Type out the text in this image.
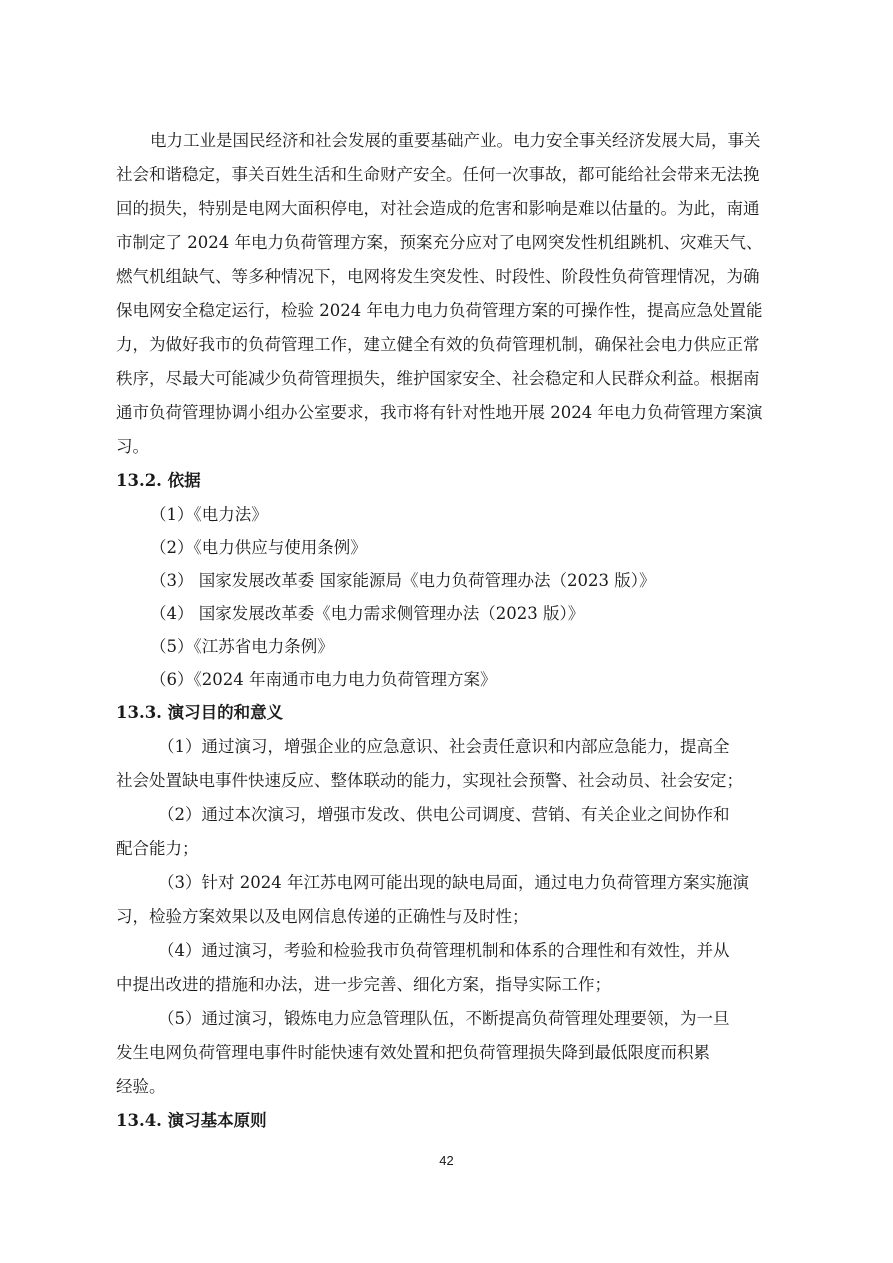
电力工业是国民经济和社会发展的重要基础产业。电力安全事关经济发展大局，事关
社会和谐稳定，事关百姓生活和生命财产安全。任何一次事故，都可能给社会带来无法挽
回的损失，特别是电网大面积停电，对社会造成的危害和影响是难以估量的。为此，南通
市制定了 2024 年电力负荷管理方案，预案充分应对了电网突发性机组跳机、灾难天气、
燃气机组缺气、等多种情况下，电网将发生突发性、时段性、阶段性负荷管理情况，为确
保电网安全稳定运行，检验 2024 年电力电力负荷管理方案的可操作性，提高应急处置能
力，为做好我市的负荷管理工作，建立健全有效的负荷管理机制，确保社会电力供应正常
秩序，尽最大可能减少负荷管理损失，维护国家安全、社会稳定和人民群众利益。根据南
通市负荷管理协调小组办公室要求，我市将有针对性地开展 2024 年电力负荷管理方案演
习。
13.2. 依据
（1）《电力法》
（2）《电力供应与使用条例》
（3） 国家发展改革委 国家能源局《电力负荷管理办法（2023 版）》
（4） 国家发展改革委《电力需求侧管理办法（2023 版）》
（5）《江苏省电力条例》
（6）《2024 年南通市电力电力负荷管理方案》
13.3. 演习目的和意义
（1）通过演习，增强企业的应急意识、社会责任意识和内部应急能力，提高全
社会处置缺电事件快速反应、整体联动的能力，实现社会预警、社会动员、社会安定；
（2）通过本次演习，增强市发改、供电公司调度、营销、有关企业之间协作和
配合能力；
（3）针对 2024 年江苏电网可能出现的缺电局面，通过电力负荷管理方案实施演
习，检验方案效果以及电网信息传递的正确性与及时性；
（4）通过演习，考验和检验我市负荷管理机制和体系的合理性和有效性，并从
中提出改进的措施和办法，进一步完善、细化方案，指导实际工作；
（5）通过演习，锻炼电力应急管理队伍，不断提高负荷管理处理要领，为一旦
发生电网负荷管理电事件时能快速有效处置和把负荷管理损失降到最低限度而积累
经验。
13.4. 演习基本原则
42
